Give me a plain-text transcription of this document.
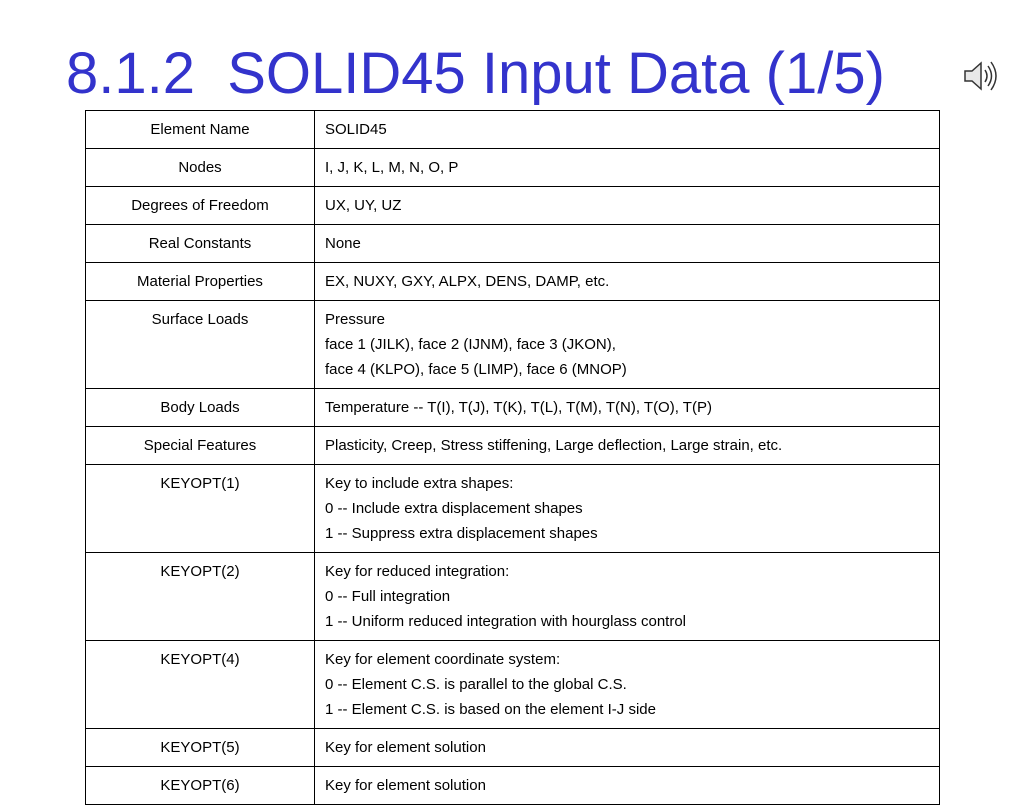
8.1.2  SOLID45 Input Data (1/5)
Element Name	SOLID45

Nodes	I, J, K, L, M, N, O, P

Degrees of Freedom	UX, UY, UZ

Real Constants	None

Material Properties	EX, NUXY, GXY, ALPX, DENS, DAMP, etc.

Surface Loads	Pressure
face 1 (JILK), face 2 (IJNM), face 3 (JKON),
face 4 (KLPO), face 5 (LIMP), face 6 (MNOP)

Body Loads	Temperature -- T(I), T(J), T(K), T(L), T(M), T(N), T(O), T(P)

Special Features	Plasticity, Creep, Stress stiffening, Large deflection, Large strain, etc.

KEYOPT(1)	Key to include extra shapes:
0 -- Include extra displacement shapes
1 -- Suppress extra displacement shapes

KEYOPT(2)	Key for reduced integration:
0 -- Full integration
1 -- Uniform reduced integration with hourglass control

KEYOPT(4)	Key for element coordinate system:
0 -- Element C.S. is parallel to the global C.S.
1 -- Element C.S. is based on the element I-J side

KEYOPT(5)	Key for element solution

KEYOPT(6)	Key for element solution
